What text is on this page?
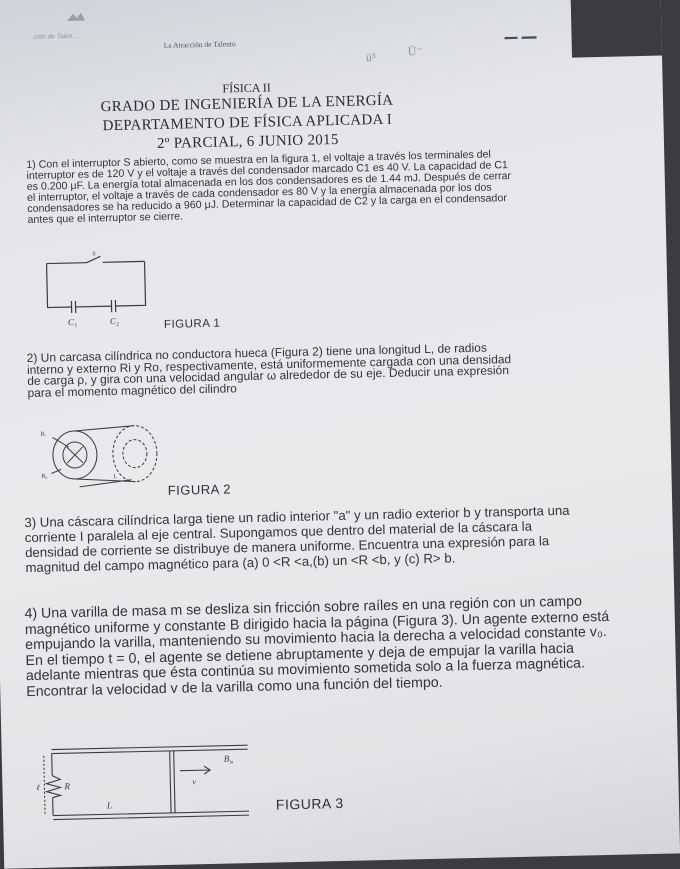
…ción de Talen…
La Atracción de Talento
ü⁵	Ü⁻
FÍSICA II
GRADO DE INGENIERÍA DE LA ENERGÍA
DEPARTAMENTO DE FÍSICA APLICADA I
2º PARCIAL, 6 JUNIO 2015
1) Con el interruptor S abierto, como se muestra en la figura 1, el voltaje a través los terminales del interruptor es de 120 V y el voltaje a través del condensador marcado C1 es 40 V. La capacidad de C1 es 0.200 μF. La energía total almacenada en los dos condensadores es de 1.44 mJ. Después de cerrar el interruptor, el voltaje a través de cada condensador es 80 V y la energía almacenada por los dos condensadores se ha reducido a 960 μJ. Determinar la capacidad de C2 y la carga en el condensador antes que el interruptor se cierre.
S
C₁	C₂	FIGURA 1
2) Un carcasa cilíndrica no conductora hueca (Figura 2) tiene una longitud L, de radios interno y externo Ri y Ro, respectivamente, está uniformemente cargada con una densidad de carga ρ, y gira con una velocidad angular ω alrededor de su eje. Deducir una expresión para el momento magnético del cilindro
Rᵢ
R₀	L
FIGURA 2
3) Una cáscara cilíndrica larga tiene un radio interior "a" y un radio exterior b y transporta una corriente I paralela al eje central. Supongamos que dentro del material de la cáscara la densidad de corriente se distribuye de manera uniforme. Encuentra una expresión para la magnitud del campo magnético para (a) 0 <R <a,(b) un <R <b, y (c) R> b.
4) Una varilla de masa m se desliza sin fricción sobre raíles en una región con un campo magnético uniforme y constante B dirigido hacia la página (Figura 3). Un agente externo está empujando la varilla, manteniendo su movimiento hacia la derecha a velocidad constante v₀. En el tiempo t = 0, el agente se detiene abruptamente y deja de empujar la varilla hacia adelante mientras que ésta continúa su movimiento sometida solo a la fuerza magnética. Encontrar la velocidad v de la varilla como una función del tiempo.
$B_{in}$
v
R
ℓ
L	FIGURA 3
